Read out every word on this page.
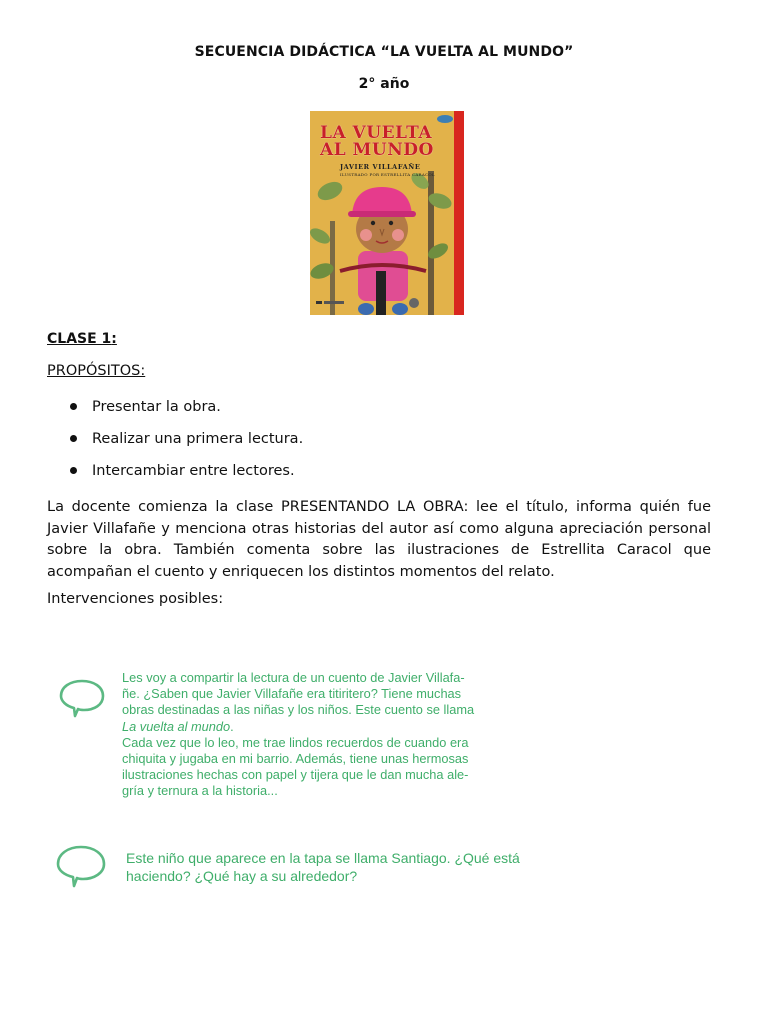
SECUENCIA DIDÁCTICA “LA VUELTA AL MUNDO”
2° año
LA VUELTA
AL MUNDO
JAVIER VILLAFAÑE
ILUSTRADO POR ESTRELLITA CARACOL
CLASE 1:
PROPÓSITOS:
Presentar la obra.
Realizar una primera lectura.
Intercambiar entre lectores.
La docente comienza la clase PRESENTANDO LA OBRA: lee el título, informa quién fue Javier Villafañe y menciona otras historias del autor así como alguna apreciación personal sobre la obra. También comenta sobre las ilustraciones de Estrellita Caracol que acompañan el cuento y enriquecen los distintos momentos del relato.
Intervenciones posibles:
Les voy a compartir la lectura de un cuento de Javier Villafa-
ñe. ¿Saben que Javier Villafañe era titiritero? Tiene muchas
obras destinadas a las niñas y los niños. Este cuento se llama
La vuelta al mundo.
Cada vez que lo leo, me trae lindos recuerdos de cuando era
chiquita y jugaba en mi barrio. Además, tiene unas hermosas
ilustraciones hechas con papel y tijera que le dan mucha ale-
gría y ternura a la historia...
Este niño que aparece en la tapa se llama Santiago. ¿Qué está
haciendo? ¿Qué hay a su alrededor?
